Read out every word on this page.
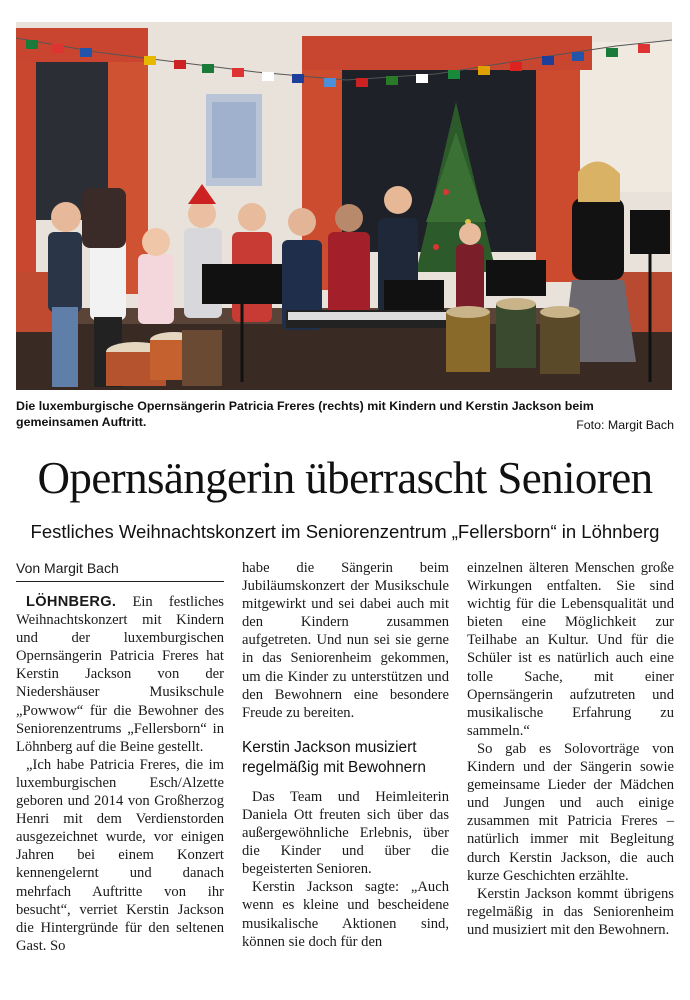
Die luxemburgische Opernsängerin Patricia Freres (rechts) mit Kindern und Kerstin Jackson beim gemeinsamen Auftritt.	Foto: Margit Bach
Opernsängerin überrascht Senioren
Festliches Weihnachtskonzert im Seniorenzentrum „Fellersborn“ in Löhnberg
Von Margit Bach

LÖHNBERG. Ein festliches Weihnachtskonzert mit Kindern und der luxemburgischen Opernsängerin Patricia Freres hat Kerstin Jackson von der Niedershäuser Musikschule „Powwow“ für die Bewohner des Seniorenzentrums „Fellersborn“ in Löhnberg auf die Beine gestellt.

„Ich habe Patricia Freres, die im luxemburgischen Esch/Alzette geboren und 2014 von Großherzog Henri mit dem Verdienstorden ausgezeichnet wurde, vor einigen Jahren bei einem Konzert kennengelernt und danach mehrfach Auftritte von ihr besucht“, verriet Kerstin Jackson die Hintergründe für den seltenen Gast. So

habe die Sängerin beim Jubiläumskonzert der Musikschule mitgewirkt und sei dabei auch mit den Kindern zusammen aufgetreten. Und nun sei sie gerne in das Seniorenheim gekommen, um die Kinder zu unterstützen und den Bewohnern eine besondere Freude zu bereiten.

Kerstin Jackson musiziert regelmäßig mit Bewohnern

Das Team und Heimleiterin Daniela Ott freuten sich über das außergewöhnliche Erlebnis, über die Kinder und über die begeisterten Senioren.

Kerstin Jackson sagte: „Auch wenn es kleine und bescheidene musikalische Aktionen sind, können sie doch für den

einzelnen älteren Menschen große Wirkungen entfalten. Sie sind wichtig für die Lebensqualität und bieten eine Möglichkeit zur Teilhabe an Kultur. Und für die Schüler ist es natürlich auch eine tolle Sache, mit einer Opernsängerin aufzutreten und musikalische Erfahrung zu sammeln.“

So gab es Solovorträge von Kindern und der Sängerin sowie gemeinsame Lieder der Mädchen und Jungen und auch einige zusammen mit Patricia Freres – natürlich immer mit Begleitung durch Kerstin Jackson, die auch kurze Geschichten erzählte.

Kerstin Jackson kommt übrigens regelmäßig in das Seniorenheim und musiziert mit den Bewohnern.
